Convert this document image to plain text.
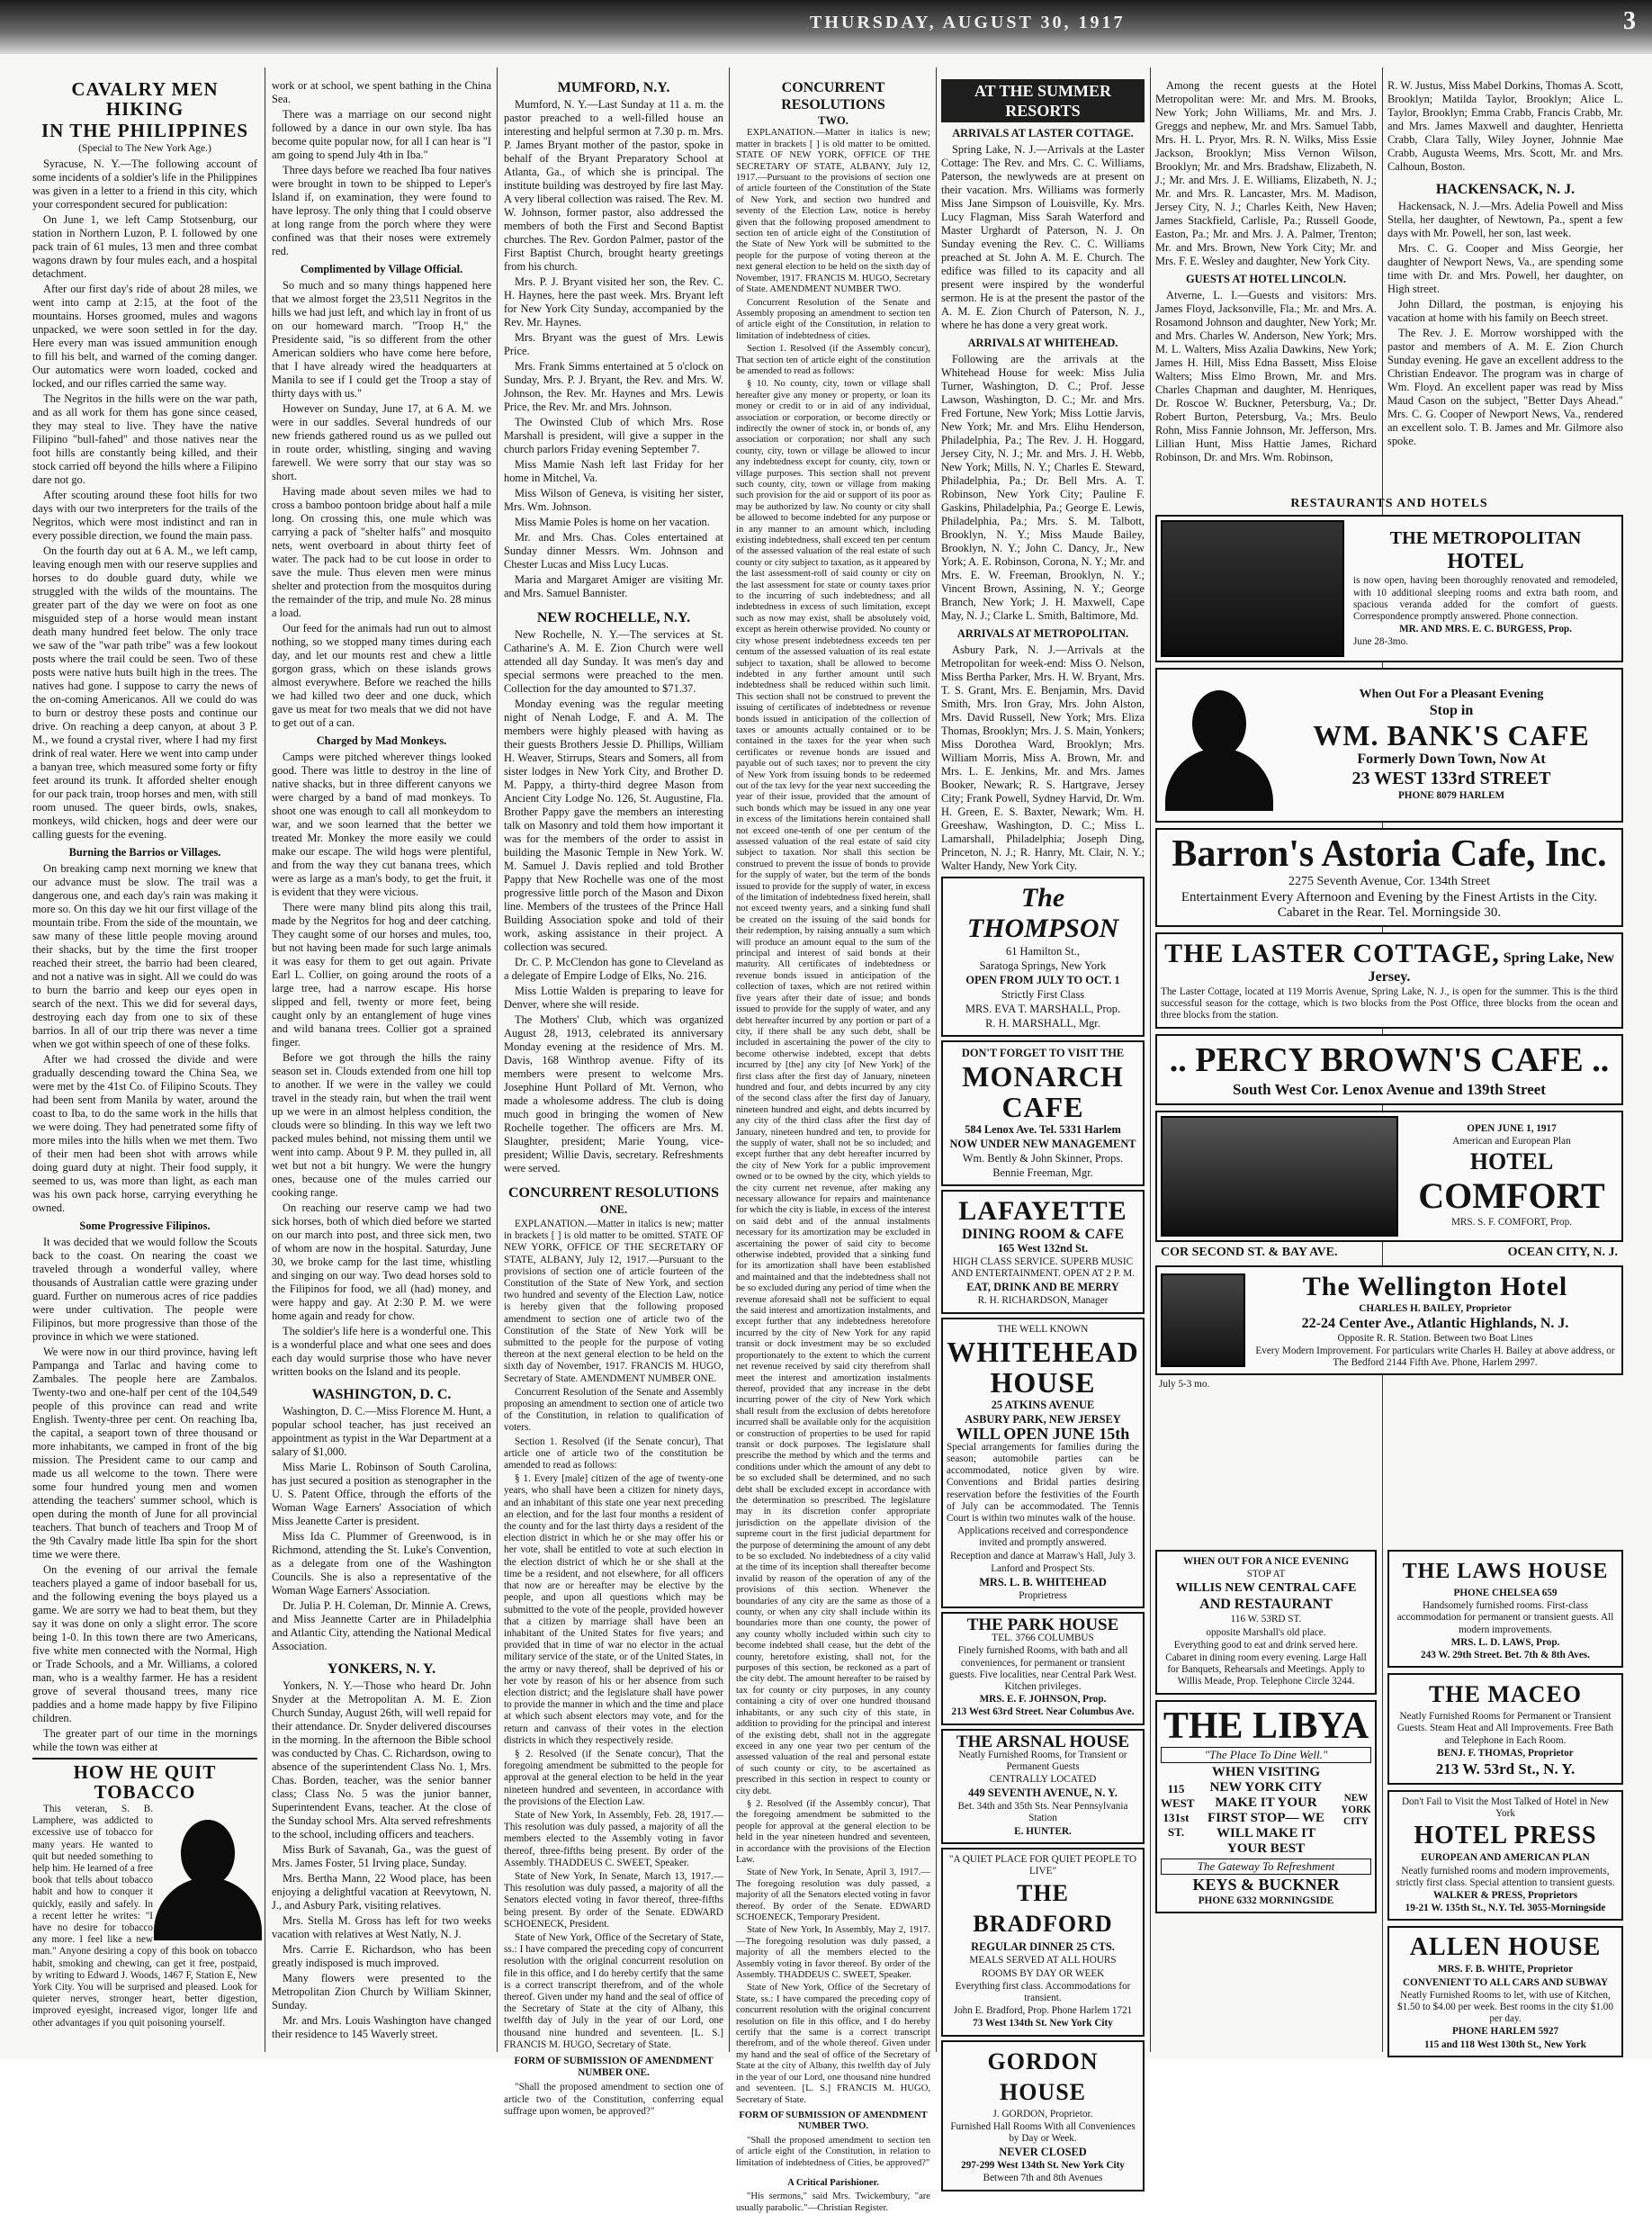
THURSDAY, AUGUST 30, 1917	3

CAVALRY MEN HIKING

IN THE PHILIPPINES

(Special to The New York Age.)

Syracuse, N. Y.—The following account of some incidents of a soldier's life in the Philippines was given in a letter to a friend in this city, which your correspondent secured for publication:

On June 1, we left Camp Stotsenburg, our station in Northern Luzon, P. I. followed by one pack train of 61 mules, 13 men and three combat wagons drawn by four mules each, and a hospital detachment.

After our first day's ride of about 28 miles, we went into camp at 2:15, at the foot of the mountains. Horses groomed, mules and wagons unpacked, we were soon settled in for the day. Here every man was issued ammunition enough to fill his belt, and warned of the coming danger. Our automatics were worn loaded, cocked and locked, and our rifles carried the same way.

The Negritos in the hills were on the war path, and as all work for them has gone since ceased, they may steal to live. They have the native Filipino "bull-fahed" and those natives near the foot hills are constantly being killed, and their stock carried off beyond the hills where a Filipino dare not go.

After scouting around these foot hills for two days with our two interpreters for the trails of the Negritos, which were most indistinct and ran in every possible direction, we found the main pass.

On the fourth day out at 6 A. M., we left camp, leaving enough men with our reserve supplies and horses to do double guard duty, while we struggled with the wilds of the mountains. The greater part of the day we were on foot as one misguided step of a horse would mean instant death many hundred feet below. The only trace we saw of the "war path tribe" was a few lookout posts where the trail could be seen. Two of these posts were native huts built high in the trees. The natives had gone. I suppose to carry the news of the on-coming Americanos. All we could do was to burn or destroy these posts and continue our drive. On reaching a deep canyon, at about 3 P. M., we found a crystal river, where I had my first drink of real water. Here we went into camp under a banyan tree, which measured some forty or fifty feet around its trunk. It afforded shelter enough for our pack train, troop horses and men, with still room unused. The queer birds, owls, snakes, monkeys, wild chicken, hogs and deer were our calling guests for the evening.

Burning the Barrios or Villages.

On breaking camp next morning we knew that our advance must be slow. The trail was a dangerous one, and each day's rain was making it more so. On this day we hit our first village of the mountain tribe. From the side of the mountain, we saw many of these little people moving around their shacks, but by the time the first trooper reached their street, the barrio had been cleared, and not a native was in sight. All we could do was to burn the barrio and keep our eyes open in search of the next. This we did for several days, destroying each day from one to six of these barrios. In all of our trip there was never a time when we got within speech of one of these folks.

After we had crossed the divide and were gradually descending toward the China Sea, we were met by the 41st Co. of Filipino Scouts. They had been sent from Manila by water, around the coast to Iba, to do the same work in the hills that we were doing. They had penetrated some fifty of more miles into the hills when we met them. Two of their men had been shot with arrows while doing guard duty at night. Their food supply, it seemed to us, was more than light, as each man was his own pack horse, carrying everything he owned.

Some Progressive Filipinos.

It was decided that we would follow the Scouts back to the coast. On nearing the coast we traveled through a wonderful valley, where thousands of Australian cattle were grazing under guard. Further on numerous acres of rice paddies were under cultivation. The people were Filipinos, but more progressive than those of the province in which we were stationed.

We were now in our third province, having left Pampanga and Tarlac and having come to Zambales. The people here are Zambalos. Twenty-two and one-half per cent of the 104,549 people of this province can read and write English. Twenty-three per cent. On reaching Iba, the capital, a seaport town of three thousand or more inhabitants, we camped in front of the big mission. The President came to our camp and made us all welcome to the town. There were some four hundred young men and women attending the teachers' summer school, which is open during the month of June for all provincial teachers. That bunch of teachers and Troop M of the 9th Cavalry made little Iba spin for the short time we were there.

On the evening of our arrival the female teachers played a game of indoor baseball for us, and the following evening the boys played us a game. We are sorry we had to beat them, but they say it was done on only a slight error. The score being 1-0. In this town there are two Americans, five white men connected with the Normal, High or Trade Schools, and a Mr. Williams, a colored man, who is a wealthy farmer. He has a resident grove of several thousand trees, many rice paddies and a home made happy by five Filipino children.

The greater part of our time in the mornings while the town was either at

HOW HE QUIT TOBACCO

This veteran, S. B. Lamphere, was addicted to excessive use of tobacco for many years. He wanted to quit but needed something to help him. He learned of a free book that tells about tobacco habit and how to conquer it quickly, easily and safely. In a recent letter he writes: "I have no desire for tobacco any more. I feel like a new man." Anyone desiring a copy of this book on tobacco habit, smoking and chewing, can get it free, postpaid, by writing to Edward J. Woods, 1467 F, Station E, New York City. You will be surprised and pleased. Look for quieter nerves, stronger heart, better digestion, improved eyesight, increased vigor, longer life and other advantages if you quit poisoning yourself.

work or at school, we spent bathing in the China Sea.

There was a marriage on our second night followed by a dance in our own style. Iba has become quite popular now, for all I can hear is "I am going to spend July 4th in Iba."

Three days before we reached Iba four natives were brought in town to be shipped to Leper's Island if, on examination, they were found to have leprosy. The only thing that I could observe at long range from the porch where they were confined was that their noses were extremely red.

Complimented by Village Official.

So much and so many things happened here that we almost forget the 23,511 Negritos in the hills we had just left, and which lay in front of us on our homeward march. "Troop H," the Presidente said, "is so different from the other American soldiers who have come here before, that I have already wired the headquarters at Manila to see if I could get the Troop a stay of thirty days with us."

However on Sunday, June 17, at 6 A. M. we were in our saddles. Several hundreds of our new friends gathered round us as we pulled out in route order, whistling, singing and waving farewell. We were sorry that our stay was so short.

Having made about seven miles we had to cross a bamboo pontoon bridge about half a mile long. On crossing this, one mule which was carrying a pack of "shelter halfs" and mosquito nets, went overboard in about thirty feet of water. The pack had to be cut loose in order to save the mule. Thus eleven men were minus shelter and protection from the mosquitos during the remainder of the trip, and mule No. 28 minus a load.

Our feed for the animals had run out to almost nothing, so we stopped many times during each day, and let our mounts rest and chew a little gorgon grass, which on these islands grows almost everywhere. Before we reached the hills we had killed two deer and one duck, which gave us meat for two meals that we did not have to get out of a can.

Charged by Mad Monkeys.

Camps were pitched wherever things looked good. There was little to destroy in the line of native shacks, but in three different canyons we were charged by a band of mad monkeys. To shoot one was enough to call all monkeydom to war, and we soon learned that the better we treated Mr. Monkey the more easily we could make our escape. The wild hogs were plentiful, and from the way they cut banana trees, which were as large as a man's body, to get the fruit, it is evident that they were vicious.

There were many blind pits along this trail, made by the Negritos for hog and deer catching. They caught some of our horses and mules, too, but not having been made for such large animals it was easy for them to get out again. Private Earl L. Collier, on going around the roots of a large tree, had a narrow escape. His horse slipped and fell, twenty or more feet, being caught only by an entanglement of huge vines and wild banana trees. Collier got a sprained finger.

Before we got through the hills the rainy season set in. Clouds extended from one hill top to another. If we were in the valley we could travel in the steady rain, but when the trail went up we were in an almost helpless condition, the clouds were so blinding. In this way we left two packed mules behind, not missing them until we went into camp. About 9 P. M. they pulled in, all wet but not a bit hungry. We were the hungry ones, because one of the mules carried our cooking range.

On reaching our reserve camp we had two sick horses, both of which died before we started on our march into post, and three sick men, two of whom are now in the hospital. Saturday, June 30, we broke camp for the last time, whistling and singing on our way. Two dead horses sold to the Filipinos for food, we all (had) money, and were happy and gay. At 2:30 P. M. we were home again and ready for chow.

The soldier's life here is a wonderful one. This is a wonderful place and what one sees and does each day would surprise those who have never written books on the Island and its people.

WASHINGTON, D. C.

Washington, D. C.—Miss Florence M. Hunt, a popular school teacher, has just received an appointment as typist in the War Department at a salary of $1,000.

Miss Marie L. Robinson of South Carolina, has just secured a position as stenographer in the U. S. Patent Office, through the efforts of the Woman Wage Earners' Association of which Miss Jeanette Carter is president.

Miss Ida C. Plummer of Greenwood, is in Richmond, attending the St. Luke's Convention, as a delegate from one of the Washington Councils. She is also a representative of the Woman Wage Earners' Association.

Dr. Julia P. H. Coleman, Dr. Minnie A. Crews, and Miss Jeannette Carter are in Philadelphia and Atlantic City, attending the National Medical Association.

YONKERS, N. Y.

Yonkers, N. Y.—Those who heard Dr. John Snyder at the Metropolitan A. M. E. Zion Church Sunday, August 26th, will well repaid for their attendance. Dr. Snyder delivered discourses in the morning. In the afternoon the Bible school was conducted by Chas. C. Richardson, owing to absence of the superintendent Class No. 1, Mrs. Chas. Borden, teacher, was the senior banner class; Class No. 5 was the junior banner, Superintendent Evans, teacher. At the close of the Sunday school Mrs. Alta served refreshments to the school, including officers and teachers.

Miss Burk of Savanah, Ga., was the guest of Mrs. James Foster, 51 Irving place, Sunday.

Mrs. Bertha Mann, 22 Wood place, has been enjoying a delightful vacation at Reevytown, N. J., and Asbury Park, visiting relatives.

Mrs. Stella M. Gross has left for two weeks vacation with relatives at West Natly, N. J.

Mrs. Carrie E. Richardson, who has been greatly indisposed is much improved.

Many flowers were presented to the Metropolitan Zion Church by William Skinner, Sunday.

Mr. and Mrs. Louis Washington have changed their residence to 145 Waverly street.

MUMFORD, N.Y.

Mumford, N. Y.—Last Sunday at 11 a. m. the pastor preached to a well-filled house an interesting and helpful sermon at 7.30 p. m. Mrs. P. James Bryant mother of the pastor, spoke in behalf of the Bryant Preparatory School at Atlanta, Ga., of which she is principal. The institute building was destroyed by fire last May. A very liberal collection was raised. The Rev. M. W. Johnson, former pastor, also addressed the members of both the First and Second Baptist churches. The Rev. Gordon Palmer, pastor of the First Baptist Church, brought hearty greetings from his church.

Mrs. P. J. Bryant visited her son, the Rev. C. H. Haynes, here the past week. Mrs. Bryant left for New York City Sunday, accompanied by the Rev. Mr. Haynes.

Mrs. Bryant was the guest of Mrs. Lewis Price.

Mrs. Frank Simms entertained at 5 o'clock on Sunday, Mrs. P. J. Bryant, the Rev. and Mrs. W. Johnson, the Rev. Mr. Haynes and Mrs. Lewis Price, the Rev. Mr. and Mrs. Johnson.

The Owinsted Club of which Mrs. Rose Marshall is president, will give a supper in the church parlors Friday evening September 7.

Miss Mamie Nash left last Friday for her home in Mitchel, Va.

Miss Wilson of Geneva, is visiting her sister, Mrs. Wm. Johnson.

Miss Mamie Poles is home on her vacation.

Mr. and Mrs. Chas. Coles entertained at Sunday dinner Messrs. Wm. Johnson and Chester Lucas and Miss Lucy Lucas.

Maria and Margaret Amiger are visiting Mr. and Mrs. Samuel Bannister.

NEW ROCHELLE, N.Y.

New Rochelle, N. Y.—The services at St. Catharine's A. M. E. Zion Church were well attended all day Sunday. It was men's day and special sermons were preached to the men. Collection for the day amounted to $71.37.

Monday evening was the regular meeting night of Nenah Lodge, F. and A. M. The members were highly pleased with having as their guests Brothers Jessie D. Phillips, William H. Weaver, Stirrups, Stears and Somers, all from sister lodges in New York City, and Brother D. M. Pappy, a thirty-third degree Mason from Ancient City Lodge No. 126, St. Augustine, Fla. Brother Pappy gave the members an interesting talk on Masonry and told them how important it was for the members of the order to assist in building the Masonic Temple in New York. W. M. Samuel J. Davis replied and told Brother Pappy that New Rochelle was one of the most progressive little porch of the Mason and Dixon line. Members of the trustees of the Prince Hall Building Association spoke and told of their work, asking assistance in their project. A collection was secured.

Dr. C. P. McClendon has gone to Cleveland as a delegate of Empire Lodge of Elks, No. 216.

Miss Lottie Walden is preparing to leave for Denver, where she will reside.

The Mothers' Club, which was organized August 28, 1913, celebrated its anniversary Monday evening at the residence of Mrs. M. Davis, 168 Winthrop avenue. Fifty of its members were present to welcome Mrs. Josephine Hunt Pollard of Mt. Vernon, who made a wholesome address. The club is doing much good in bringing the women of New Rochelle together. The officers are Mrs. M. Slaughter, president; Marie Young, vice-president; Willie Davis, secretary. Refreshments were served.

CONCURRENT RESOLUTIONS

ONE.

EXPLANATION.—Matter in italics is new; matter in brackets [ ] is old matter to be omitted. STATE OF NEW YORK, OFFICE OF THE SECRETARY OF STATE, ALBANY, July 12, 1917.—Pursuant to the provisions of section one of article fourteen of the Constitution of the State of New York, and section two hundred and seventy of the Election Law, notice is hereby given that the following proposed amendment to section one of article two of the Constitution of the State of New York will be submitted to the people for the purpose of voting thereon at the next general election to be held on the sixth day of November, 1917. FRANCIS M. HUGO, Secretary of State. AMENDMENT NUMBER ONE.

Concurrent Resolution of the Senate and Assembly proposing an amendment to section one of article two of the Constitution, in relation to qualification of voters.

Section 1. Resolved (if the Senate concur), That article one of article two of the constitution be amended to read as follows:

§ 1. Every [male] citizen of the age of twenty-one years, who shall have been a citizen for ninety days, and an inhabitant of this state one year next preceding an election, and for the last four months a resident of the county and for the last thirty days a resident of the election district in which he or she may offer his or her vote, shall be entitled to vote at such election in the election district of which he or she shall at the time be a resident, and not elsewhere, for all officers that now are or hereafter may be elective by the people, and upon all questions which may be submitted to the vote of the people, provided however that a citizen by marriage shall have been an inhabitant of the United States for five years; and provided that in time of war no elector in the actual military service of the state, or of the United States, in the army or navy thereof, shall be deprived of his or her vote by reason of his or her absence from such election district; and the legislature shall have power to provide the manner in which and the time and place at which such absent electors may vote, and for the return and canvass of their votes in the election districts in which they respectively reside.

§ 2. Resolved (if the Senate concur), That the foregoing amendment be submitted to the people for approval at the general election to be held in the year nineteen hundred and seventeen, in accordance with the provisions of the Election Law.

State of New York, In Assembly, Feb. 28, 1917.—This resolution was duly passed, a majority of all the members elected to the Assembly voting in favor thereof, three-fifths being present. By order of the Assembly. THADDEUS C. SWEET, Speaker.

State of New York, In Senate, March 13, 1917.—This resolution was duly passed, a majority of all the Senators elected voting in favor thereof, three-fifths being present. By order of the Senate. EDWARD SCHOENECK, President.

State of New York, Office of the Secretary of State, ss.: I have compared the preceding copy of concurrent resolution with the original concurrent resolution on file in this office, and I do hereby certify that the same is a correct transcript therefrom, and of the whole thereof. Given under my hand and the seal of office of the Secretary of State at the city of Albany, this twelfth day of July in the year of our Lord, one thousand nine hundred and seventeen. [L. S.] FRANCIS M. HUGO, Secretary of State.

FORM OF SUBMISSION OF AMENDMENT NUMBER ONE.

"Shall the proposed amendment to section one of article two of the Constitution, conferring equal suffrage upon women, be approved?"

CONCURRENT RESOLUTIONS

TWO.

EXPLANATION.—Matter in italics is new; matter in brackets [ ] is old matter to be omitted. STATE OF NEW YORK, OFFICE OF THE SECRETARY OF STATE, ALBANY, July 12, 1917.—Pursuant to the provisions of section one of article fourteen of the Constitution of the State of New York, and section two hundred and seventy of the Election Law, notice is hereby given that the following proposed amendment to section ten of article eight of the Constitution of the State of New York will be submitted to the people for the purpose of voting thereon at the next general election to be held on the sixth day of November, 1917. FRANCIS M. HUGO, Secretary of State. AMENDMENT NUMBER TWO.

Concurrent Resolution of the Senate and Assembly proposing an amendment to section ten of article eight of the Constitution, in relation to limitation of indebtedness of cities.

Section 1. Resolved (if the Assembly concur), That section ten of article eight of the constitution be amended to read as follows:

§ 10. No county, city, town or village shall hereafter give any money or property, or loan its money or credit to or in aid of any individual, association or corporation, or become directly or indirectly the owner of stock in, or bonds of, any association or corporation; nor shall any such county, city, town or village be allowed to incur any indebtedness except for county, city, town or village purposes. This section shall not prevent such county, city, town or village from making such provision for the aid or support of its poor as may be authorized by law. No county or city shall be allowed to become indebted for any purpose or in any manner to an amount which, including existing indebtedness, shall exceed ten per centum of the assessed valuation of the real estate of such county or city subject to taxation, as it appeared by the last assessment-roll of said county or city on the last assessment for state or county taxes prior to the incurring of such indebtedness; and all indebtedness in excess of such limitation, except such as now may exist, shall be absolutely void, except as herein otherwise provided. No county or city whose present indebtedness exceeds ten per centum of the assessed valuation of its real estate subject to taxation, shall be allowed to become indebted in any further amount until such indebtedness shall be reduced within such limit. This section shall not be construed to prevent the issuing of certificates of indebtedness or revenue bonds issued in anticipation of the collection of taxes or amounts actually contained or to be contained in the taxes for the year when such certificates or revenue bonds are issued and payable out of such taxes; nor to prevent the city of New York from issuing bonds to be redeemed out of the tax levy for the year next succeeding the year of their issue, provided that the amount of such bonds which may be issued in any one year in excess of the limitations herein contained shall not exceed one-tenth of one per centum of the assessed valuation of the real estate of said city subject to taxation. Nor shall this section be construed to prevent the issue of bonds to provide for the supply of water, but the term of the bonds issued to provide for the supply of water, in excess of the limitation of indebtedness fixed herein, shall not exceed twenty years, and a sinking fund shall be created on the issuing of the said bonds for their redemption, by raising annually a sum which will produce an amount equal to the sum of the principal and interest of said bonds at their maturity. All certificates of indebtedness or revenue bonds issued in anticipation of the collection of taxes, which are not retired within five years after their date of issue; and bonds issued to provide for the supply of water, and any debt hereafter incurred by any portion or part of a city, if there shall be any such debt, shall be included in ascertaining the power of the city to become otherwise indebted, except that debts incurred by [the] any city [of New York] of the first class after the first day of January, nineteen hundred and four, and debts incurred by any city of the second class after the first day of January, nineteen hundred and eight, and debts incurred by any city of the third class after the first day of January, nineteen hundred and ten, to provide for the supply of water, shall not be so included; and except further that any debt hereafter incurred by the city of New York for a public improvement owned or to be owned by the city, which yields to the city current net revenue, after making any necessary allowance for repairs and maintenance for which the city is liable, in excess of the interest on said debt and of the annual instalments necessary for its amortization may be excluded in ascertaining the power of said city to become otherwise indebted, provided that a sinking fund for its amortization shall have been established and maintained and that the indebtedness shall not be so excluded during any period of time when the revenue aforesaid shall not be sufficient to equal the said interest and amortization instalments, and except further that any indebtedness heretofore incurred by the city of New York for any rapid transit or dock investment may be so excluded proportionately to the extent to which the current net revenue received by said city therefrom shall meet the interest and amortization instalments thereof, provided that any increase in the debt incurring power of the city of New York which shall result from the exclusion of debts heretofore incurred shall be available only for the acquisition or construction of properties to be used for rapid transit or dock purposes. The legislature shall prescribe the method by which and the terms and conditions under which the amount of any debt to be so excluded shall be determined, and no such debt shall be excluded except in accordance with the determination so prescribed. The legislature may in its discretion confer appropriate jurisdiction on the appellate division of the supreme court in the first judicial department for the purpose of determining the amount of any debt to be so excluded. No indebtedness of a city valid at the time of its inception shall thereafter become invalid by reason of the operation of any of the provisions of this section. Whenever the boundaries of any city are the same as those of a county, or when any city shall include within its boundaries more than one county, the power of any county wholly included within such city to become indebted shall cease, but the debt of the county, heretofore existing, shall not, for the purposes of this section, be reckoned as a part of the city debt. The amount hereafter to be raised by tax for county or city purposes, in any county containing a city of over one hundred thousand inhabitants, or any such city of this state, in addition to providing for the principal and interest of the existing debt, shall not in the aggregate exceed in any one year two per centum of the assessed valuation of the real and personal estate of such county or city, to be ascertained as prescribed in this section in respect to county or city debt.

§ 2. Resolved (if the Assembly concur), That the foregoing amendment be submitted to the people for approval at the general election to be held in the year nineteen hundred and seventeen, in accordance with the provisions of the Election Law.

State of New York, In Senate, April 3, 1917.—The foregoing resolution was duly passed, a majority of all the Senators elected voting in favor thereof. By order of the Senate. EDWARD SCHOENECK, Temporary President.

State of New York, In Assembly, May 2, 1917.—The foregoing resolution was duly passed, a majority of all the members elected to the Assembly voting in favor thereof. By order of the Assembly. THADDEUS C. SWEET, Speaker.

State of New York, Office of the Secretary of State, ss.: I have compared the preceding copy of concurrent resolution with the original concurrent resolution on file in this office, and I do hereby certify that the same is a correct transcript therefrom, and of the whole thereof. Given under my hand and the seal of office of the Secretary of State at the city of Albany, this twelfth day of July in the year of our Lord, one thousand nine hundred and seventeen. [L. S.] FRANCIS M. HUGO, Secretary of State.

FORM OF SUBMISSION OF AMENDMENT NUMBER TWO.

"Shall the proposed amendment to section ten of article eight of the Constitution, in relation to limitation of indebtedness of Cities, be approved?"

A Critical Parishioner.

"His sermons," said Mrs. Twickembury, "are usually parabolic."—Christian Register.

AT THE SUMMER RESORTS

ARRIVALS AT LASTER COTTAGE.

Spring Lake, N. J.—Arrivals at the Laster Cottage: The Rev. and Mrs. C. C. Williams, Paterson, the newlyweds are at present on their vacation. Mrs. Williams was formerly Miss Jane Simpson of Louisville, Ky. Mrs. Lucy Flagman, Miss Sarah Waterford and Master Urghardt of Paterson, N. J. On Sunday evening the Rev. C. C. Williams preached at St. John A. M. E. Church. The edifice was filled to its capacity and all present were inspired by the wonderful sermon. He is at the present the pastor of the A. M. E. Zion Church of Paterson, N. J., where he has done a very great work.

ARRIVALS AT WHITEHEAD.

Following are the arrivals at the Whitehead House for week: Miss Julia Turner, Washington, D. C.; Prof. Jesse Lawson, Washington, D. C.; Mr. and Mrs. Fred Fortune, New York; Miss Lottie Jarvis, New York; Mr. and Mrs. Elihu Henderson, Philadelphia, Pa.; The Rev. J. H. Hoggard, Jersey City, N. J.; Mr. and Mrs. J. H. Webb, New York; Mills, N. Y.; Charles E. Steward, Philadelphia, Pa.; Dr. Bell Mrs. A. T. Robinson, New York City; Pauline F. Gaskins, Philadelphia, Pa.; George E. Lewis, Philadelphia, Pa.; Mrs. S. M. Talbott, Brooklyn, N. Y.; Miss Maude Bailey, Brooklyn, N. Y.; John C. Dancy, Jr., New York; A. E. Robinson, Corona, N. Y.; Mr. and Mrs. E. W. Freeman, Brooklyn, N. Y.; Vincent Brown, Assining, N. Y.; George Branch, New York; J. H. Maxwell, Cape May, N. J.; Clarke L. Smith, Baltimore, Md.

ARRIVALS AT METROPOLITAN.

Asbury Park, N. J.—Arrivals at the Metropolitan for week-end: Miss O. Nelson, Miss Bertha Parker, Mrs. H. W. Bryant, Mrs. T. S. Grant, Mrs. E. Benjamin, Mrs. David Smith, Mrs. Iron Gray, Mrs. John Alston, Mrs. David Russell, New York; Mrs. Eliza Thomas, Brooklyn; Mrs. J. S. Main, Yonkers; Miss Dorothea Ward, Brooklyn; Mrs. William Morris, Miss A. Brown, Mr. and Mrs. L. E. Jenkins, Mr. and Mrs. James Booker, Newark; R. S. Hartgrave, Jersey City; Frank Powell, Sydney Harvid, Dr. Wm. H. Green, E. S. Baxter, Newark; Wm. H. Greeshaw, Washington, D. C.; Miss L. Lamarshall, Philadelphia; Joseph Ding, Princeton, N. J.; R. Hanry, Mt. Clair, N. Y.; Walter Handy, New York City.

The THOMPSON

61 Hamilton St.,

Saratoga Springs, New York

OPEN FROM JULY TO OCT. 1

Strictly First Class

MRS. EVA T. MARSHALL, Prop.

R. H. MARSHALL, Mgr.

DON'T FORGET TO VISIT THE

MONARCH CAFE

584 Lenox Ave. Tel. 5331 Harlem

NOW UNDER NEW MANAGEMENT

Wm. Bently & John Skinner, Props.

Bennie Freeman, Mgr.

LAFAYETTE

DINING ROOM & CAFE

165 West 132nd St.

HIGH CLASS SERVICE. SUPERB MUSIC AND ENTERTAINMENT. OPEN AT 2 P. M.

EAT, DRINK AND BE MERRY

R. H. RICHARDSON, Manager

THE WELL KNOWN

WHITEHEAD HOUSE

25 ATKINS AVENUE

ASBURY PARK, NEW JERSEY

WILL OPEN JUNE 15th

Special arrangements for families during the season; automobile parties can be accommodated, notice given by wire. Conventions and Bridal parties desiring reservation before the festivities of the Fourth of July can be accommodated. The Tennis Court is within two minutes walk of the house.

Applications received and correspondence invited and promptly answered.

Reception and dance at Marraw's Hall, July 3.

Lanford and Prospect Sts.

MRS. L. B. WHITEHEAD

Proprietress

THE PARK HOUSE

TEL. 3766 COLUMBUS

Finely furnished Rooms, with bath and all conveniences, for permanent or transient guests. Five localities, near Central Park West. Kitchen privileges.

MRS. E. F. JOHNSON, Prop.

213 West 63rd Street. Near Columbus Ave.

THE ARSNAL HOUSE

Neatly Furnished Rooms, for Transient or Permanent Guests

CENTRALLY LOCATED

449 SEVENTH AVENUE, N. Y.

Bet. 34th and 35th Sts. Near Pennsylvania Station

E. HUNTER.

"A QUIET PLACE FOR QUIET PEOPLE TO LIVE"

THE BRADFORD

REGULAR DINNER 25 CTS.

MEALS SERVED AT ALL HOURS

ROOMS BY DAY OR WEEK

Everything first class. Accommodations for transient.

John E. Bradford, Prop. Phone Harlem 1721

73 West 134th St. New York City

GORDON HOUSE

J. GORDON, Proprietor.

Furnished Hall Rooms With all Conveniences by Day or Week.

NEVER CLOSED

297-299 West 134th St. New York City

Between 7th and 8th Avenues

Among the recent guests at the Hotel Metropolitan were: Mr. and Mrs. M. Brooks, New York; John Williams, Mr. and Mrs. J. Greggs and nephew, Mr. and Mrs. Samuel Tabb, Mrs. H. L. Pryor, Mrs. R. N. Wilks, Miss Essie Jackson, Brooklyn; Miss Vernon Wilson, Brooklyn; Mr. and Mrs. Bradshaw, Elizabeth, N. J.; Mr. and Mrs. J. E. Williams, Elizabeth, N. J.; Mr. and Mrs. R. Lancaster, Mrs. M. Madison, Jersey City, N. J.; Charles Keith, New Haven; James Stackfield, Carlisle, Pa.; Russell Goode, Easton, Pa.; Mr. and Mrs. J. A. Palmer, Trenton; Mr. and Mrs. Brown, New York City; Mr. and Mrs. F. E. Wesley and daughter, New York City.

GUESTS AT HOTEL LINCOLN.

Atverne, L. I.—Guests and visitors: Mrs. James Floyd, Jacksonville, Fla.; Mr. and Mrs. A. Rosamond Johnson and daughter, New York; Mr. and Mrs. Charles W. Anderson, New York; Mrs. M. L. Walters, Miss Azalia Dawkins, New York; James H. Hill, Miss Edna Bassett, Miss Eloise Walters; Miss Elmo Brown, Mr. and Mrs. Charles Chapman and daughter, M. Henriques, Dr. Roscoe W. Buckner, Petersburg, Va.; Dr. Robert Burton, Petersburg, Va.; Mrs. Beulo Rohn, Miss Fannie Johnson, Mr. Jefferson, Mrs. Lillian Hunt, Miss Hattie James, Richard Robinson, Dr. and Mrs. Wm. Robinson,

R. W. Justus, Miss Mabel Dorkins, Thomas A. Scott, Brooklyn; Matilda Taylor, Brooklyn; Alice L. Taylor, Brooklyn; Emma Crabb, Francis Crabb, Mr. and Mrs. James Maxwell and daughter, Henrietta Crabb, Clara Tally, Wiley Joyner, Johnnie Mae Crabb, Augusta Weems, Mrs. Scott, Mr. and Mrs. Calhoun, Boston.

HACKENSACK, N. J.

Hackensack, N. J.—Mrs. Adelia Powell and Miss Stella, her daughter, of Newtown, Pa., spent a few days with Mr. Powell, her son, last week.

Mrs. C. G. Cooper and Miss Georgie, her daughter of Newport News, Va., are spending some time with Dr. and Mrs. Powell, her daughter, on High street.

John Dillard, the postman, is enjoying his vacation at home with his family on Beech street.

The Rev. J. E. Morrow worshipped with the pastor and members of A. M. E. Zion Church Sunday evening. He gave an excellent address to the Christian Endeavor. The program was in charge of Wm. Floyd. An excellent paper was read by Miss Maud Cason on the subject, "Better Days Ahead." Mrs. C. G. Cooper of Newport News, Va., rendered an excellent solo. T. B. James and Mr. Gilmore also spoke.

RESTAURANTS AND HOTELS

THE METROPOLITAN

HOTEL

is now open, having been thoroughly renovated and remodeled, with 10 additional sleeping rooms and extra bath room, and spacious veranda added for the comfort of guests. Correspondence promptly answered. Phone connection.

MR. AND MRS. E. C. BURGESS, Prop.

June 28-3mo.

When Out For a Pleasant Evening

Stop in

WM. BANK'S CAFE

Formerly Down Town, Now At

23 WEST 133rd STREET

PHONE 8079 HARLEM

Barron's Astoria Cafe, Inc.

2275 Seventh Avenue, Cor. 134th Street

Entertainment Every Afternoon and Evening by the Finest Artists in the City. Cabaret in the Rear. Tel. Morningside 30.

THE LASTER COTTAGE, Spring Lake, New Jersey.

The Laster Cottage, located at 119 Morris Avenue, Spring Lake, N. J., is open for the summer. This is the third successful season for the cottage, which is two blocks from the Post Office, three blocks from the ocean and three blocks from the station.

.. PERCY BROWN'S CAFE ..

South West Cor. Lenox Avenue and 139th Street

OPEN JUNE 1, 1917

American and European Plan

HOTEL

COMFORT

MRS. S. F. COMFORT, Prop.

COR SECOND ST. & BAY AVE.	OCEAN CITY, N. J.

The Wellington Hotel

CHARLES H. BAILEY, Proprietor

22-24 Center Ave., Atlantic Highlands, N. J.

Opposite R. R. Station. Between two Boat Lines

Every Modern Improvement. For particulars write Charles H. Bailey at above address, or The Bedford 2144 Fifth Ave. Phone, Harlem 2997.

July 5-3 mo.

WHEN OUT FOR A NICE EVENING

STOP AT

WILLIS NEW CENTRAL CAFE

AND RESTAURANT

116 W. 53RD ST.

opposite Marshall's old place.

Everything good to eat and drink served here.

Cabaret in dining room every evening. Large Hall for Banquets, Rehearsals and Meetings. Apply to Willis Meade, Prop. Telephone Circle 3244.

THE LIBYA

"The Place To Dine Well."

115 WEST 131st ST.

WHEN VISITING NEW YORK CITY MAKE IT YOUR FIRST STOP— WE WILL MAKE IT YOUR BEST

NEW YORK CITY

The Gateway To Refreshment

KEYS & BUCKNER

PHONE 6332 MORNINGSIDE

THE LAWS HOUSE

PHONE CHELSEA 659

Handsomely furnished rooms. First-class accommodation for permanent or transient guests. All modern improvements.

MRS. L. D. LAWS, Prop.

243 W. 29th Street. Bet. 7th & 8th Aves.

THE MACEO

Neatly Furnished Rooms for Permanent or Transient Guests. Steam Heat and All Improvements. Free Bath and Telephone in Each Room.

BENJ. F. THOMAS, Proprietor

213 W. 53rd St., N. Y.

Don't Fail to Visit the Most Talked of Hotel in New York

HOTEL PRESS

EUROPEAN AND AMERICAN PLAN

Neatly furnished rooms and modern improvements, strictly first class. Special attention to transient guests.

WALKER & PRESS, Proprietors

19-21 W. 135th St., N.Y. Tel. 3055-Morningside

ALLEN HOUSE

MRS. F. B. WHITE, Proprietor

CONVENIENT TO ALL CARS AND SUBWAY

Neatly Furnished Rooms to let, with use of Kitchen, $1.50 to $4.00 per week. Best rooms in the city $1.00 per day.

PHONE HARLEM 5927

115 and 118 West 130th St., New York
